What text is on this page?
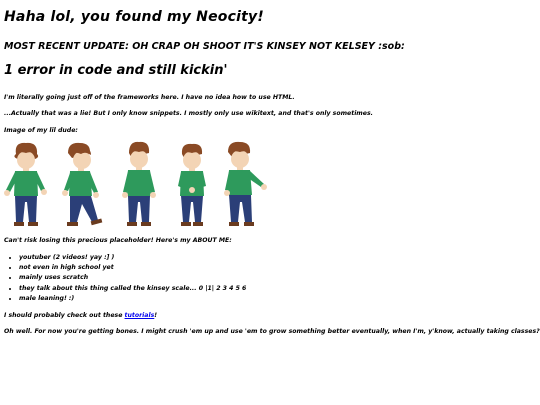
Haha lol, you found my Neocity!
MOST RECENT UPDATE: OH CRAP OH SHOOT IT'S KINSEY NOT KELSEY :sob:
1 error in code and still kickin'

I'm literally going just off of the frameworks here. I have no idea how to use HTML.

...Actually that was a lie! But I only know snippets. I mostly only use wikitext, and that's only sometimes.

Image of my lil dude:

Can't risk losing this precious placeholder! Here's my ABOUT ME:

• youtuber (2 videos! yay :] )
• not even in high school yet
• mainly uses scratch
• they talk about this thing called the kinsey scale... 0 |1| 2 3 4 5 6
• male leaning! :)

I should probably check out these tutorials!

Oh well. For now you're getting bones. I might crush 'em up and use 'em to grow something better eventually, when I'm, y'know, actually taking classes?
